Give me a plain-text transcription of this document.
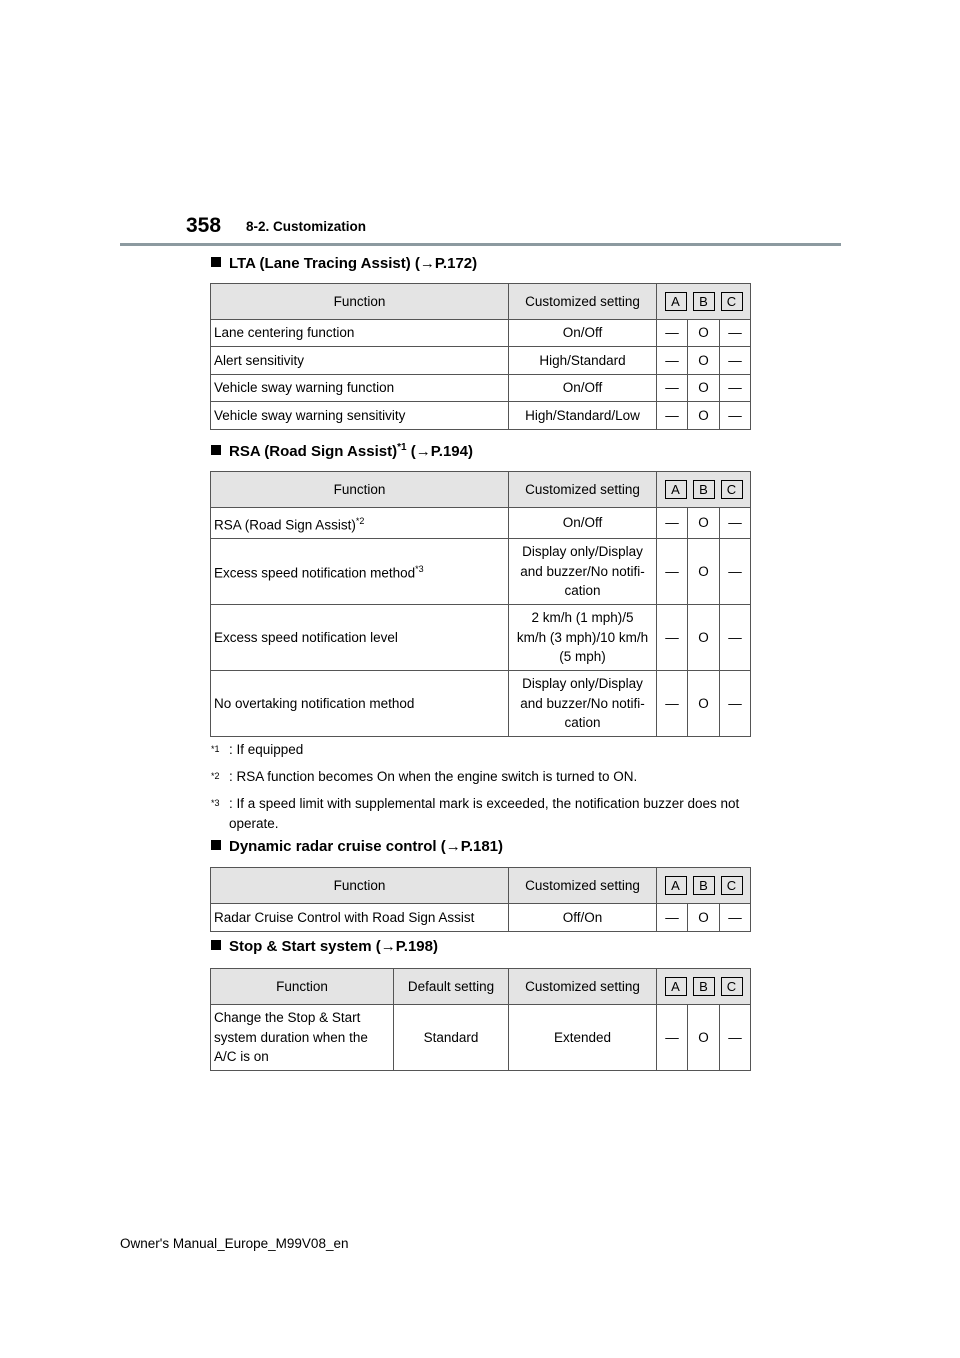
358 8-2. Customization
LTA (Lane Tracing Assist) (→P.172)
Function	Customized setting	A B C		
Lane centering function	On/Off	—	O	—
Alert sensitivity	High/Standard	—	O	—
Vehicle sway warning function	On/Off	—	O	—
Vehicle sway warning sensitivity	High/Standard/Low	—	O	—
RSA (Road Sign Assist)$^{*1}$ (→P.194)
Function	Customized setting	A B C		
RSA (Road Sign Assist)$^{*2}$	On/Off	—	O	—
Excess speed notification method$^{*3}$	Display only/Display
and buzzer/No notifi-
cation	—	O	—
Excess speed notification level	2 km/h (1 mph)/5
km/h (3 mph)/10 km/h
(5 mph)	—	O	—
No overtaking notification method	Display only/Display
and buzzer/No notifi-
cation	—	O	—
$^{*1}$ : If equipped
$^{*2}$ : RSA function becomes On when the engine switch is turned to ON.
$^{*3}$ : If a speed limit with supplemental mark is exceeded, the notification buzzer does not operate.
Dynamic radar cruise control (→P.181)
Function	Customized setting	A B C		
Radar Cruise Control with Road Sign Assist	Off/On	—	O	—
Stop & Start system (→P.198)
Function	Default setting	Customized setting	A B C		
Change the Stop & Start
system duration when the
A/C is on	Standard	Extended	—	O	—
Owner's Manual_Europe_M99V08_en
